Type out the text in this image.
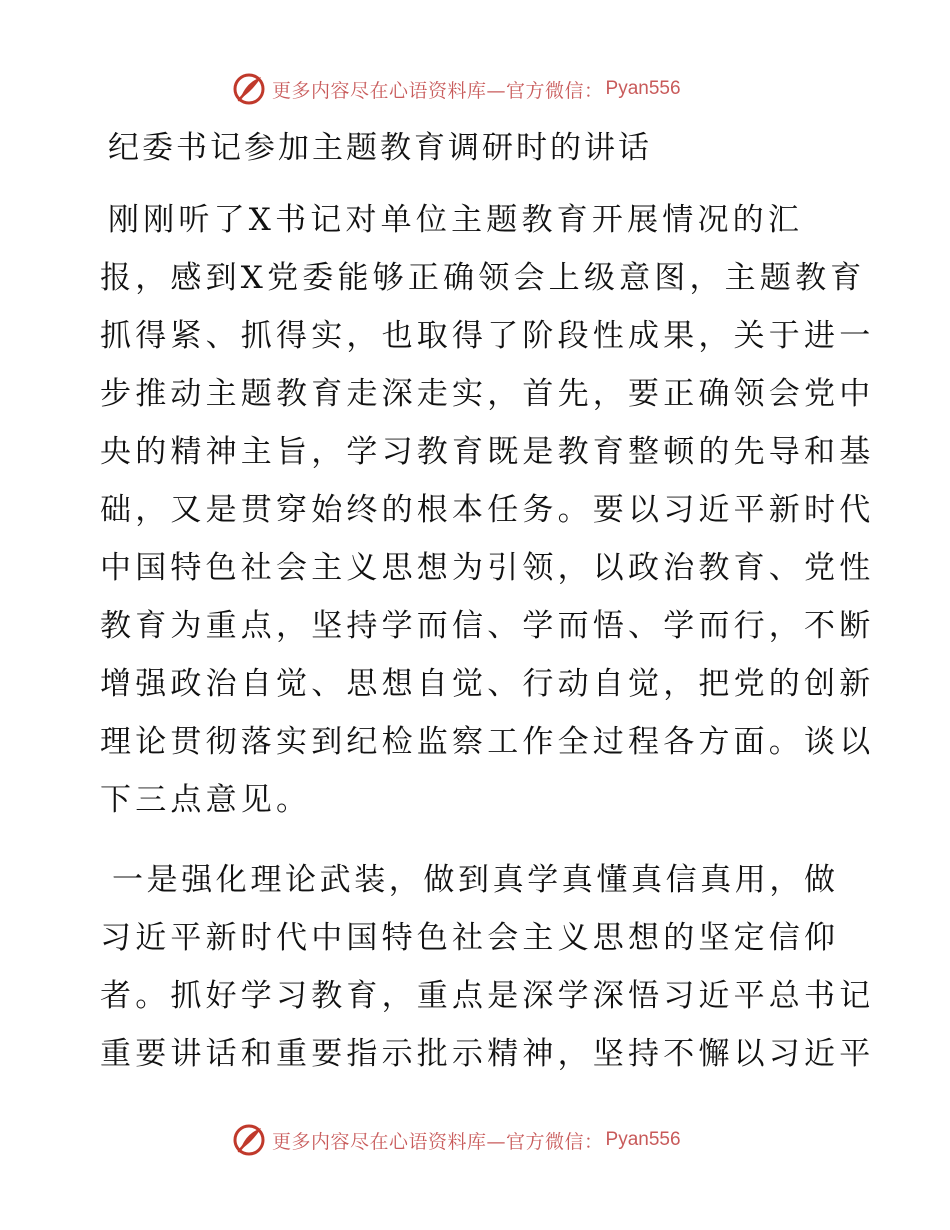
更多内容尽在心语资料库—官方微信： Pyan556
纪委书记参加主题教育调研时的讲话

刚刚听了X书记对单位主题教育开展情况的汇

报，感到X党委能够正确领会上级意图，主题教育

抓得紧、抓得实，也取得了阶段性成果，关于进一

步推动主题教育走深走实，首先，要正确领会党中

央的精神主旨，学习教育既是教育整顿的先导和基

础，又是贯穿始终的根本任务。要以习近平新时代

中国特色社会主义思想为引领，以政治教育、党性

教育为重点，坚持学而信、学而悟、学而行，不断

增强政治自觉、思想自觉、行动自觉，把党的创新

理论贯彻落实到纪检监察工作全过程各方面。谈以

下三点意见。

一是强化理论武装，做到真学真懂真信真用，做

习近平新时代中国特色社会主义思想的坚定信仰

者。抓好学习教育，重点是深学深悟习近平总书记

重要讲话和重要指示批示精神，坚持不懈以习近平

更多内容尽在心语资料库—官方微信： Pyan556
